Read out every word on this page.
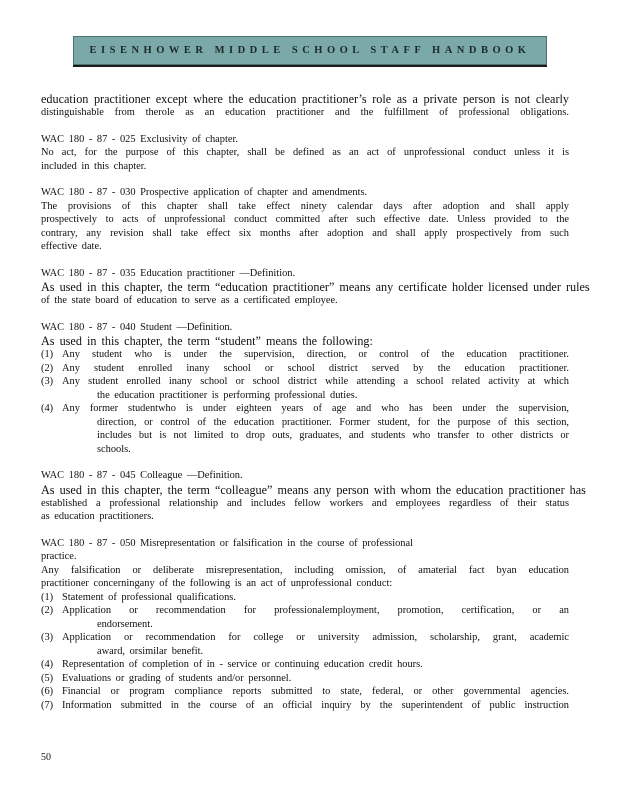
EISENHOWER MIDDLE SCHOOL STAFF HANDBOOK

education practitioner except where the education practitioner’s role as a private person is not clearly

distinguishable from therole as an education practitioner and the fulfillment of professional obligations.

WAC 180 - 87 - 025 Exclusivity of chapter.

No act, for the purpose of this chapter, shall be defined as an act of unprofessional conduct unless it is

included in this chapter.

WAC 180 - 87 - 030 Prospective application of chapter and amendments.

The provisions of this chapter shall take effect ninety calendar days after adoption and shall apply

prospectively to acts of unprofessional conduct committed after such effective date. Unless provided to the

contrary, any revision shall take effect six months after adoption and shall apply prospectively from such

effective date.

WAC 180 - 87 - 035 Education practitioner —Definition.

As used in this chapter, the term “education practitioner” means any certificate holder licensed under rules

of the state board of education to serve as a certificated employee.

WAC 180 - 87 - 040 Student —Definition.

As used in this chapter, the term “student” means the following:

(1) Any student who is under the supervision, direction, or control of the education practitioner.

(2) Any student enrolled inany school or school district served by the education practitioner.

(3) Any student enrolled inany school or school district while attending a school related activity at which

the education practitioner is performing professional duties.

(4) Any former studentwho is under eighteen years of age and who has been under the supervision,

direction, or control of the education practitioner. Former student, for the purpose of this section,

includes but is not limited to drop outs, graduates, and students who transfer to other districts or

schools.

WAC 180 - 87 - 045 Colleague —Definition.

As used in this chapter, the term “colleague” means any person with whom the education practitioner has

established a professional relationship and includes fellow workers and employees regardless of their status

as education practitioners.

WAC 180 - 87 - 050 Misrepresentation or falsification in the course of professional

practice.

Any falsification or deliberate misrepresentation, including omission, of amaterial fact byan education

practitioner concerningany of the following is an act of unprofessional conduct:

(1) Statement of professional qualifications.

(2) Application or recommendation for professionalemployment, promotion, certification, or an

endorsement.

(3) Application or recommendation for college or university admission, scholarship, grant, academic

award, orsimilar benefit.

(4) Representation of completion of in - service or continuing education credit hours.

(5) Evaluations or grading of students and/or personnel.

(6) Financial or program compliance reports submitted to state, federal, or other governmental agencies.

(7) Information submitted in the course of an official inquiry by the superintendent of public instruction

50
